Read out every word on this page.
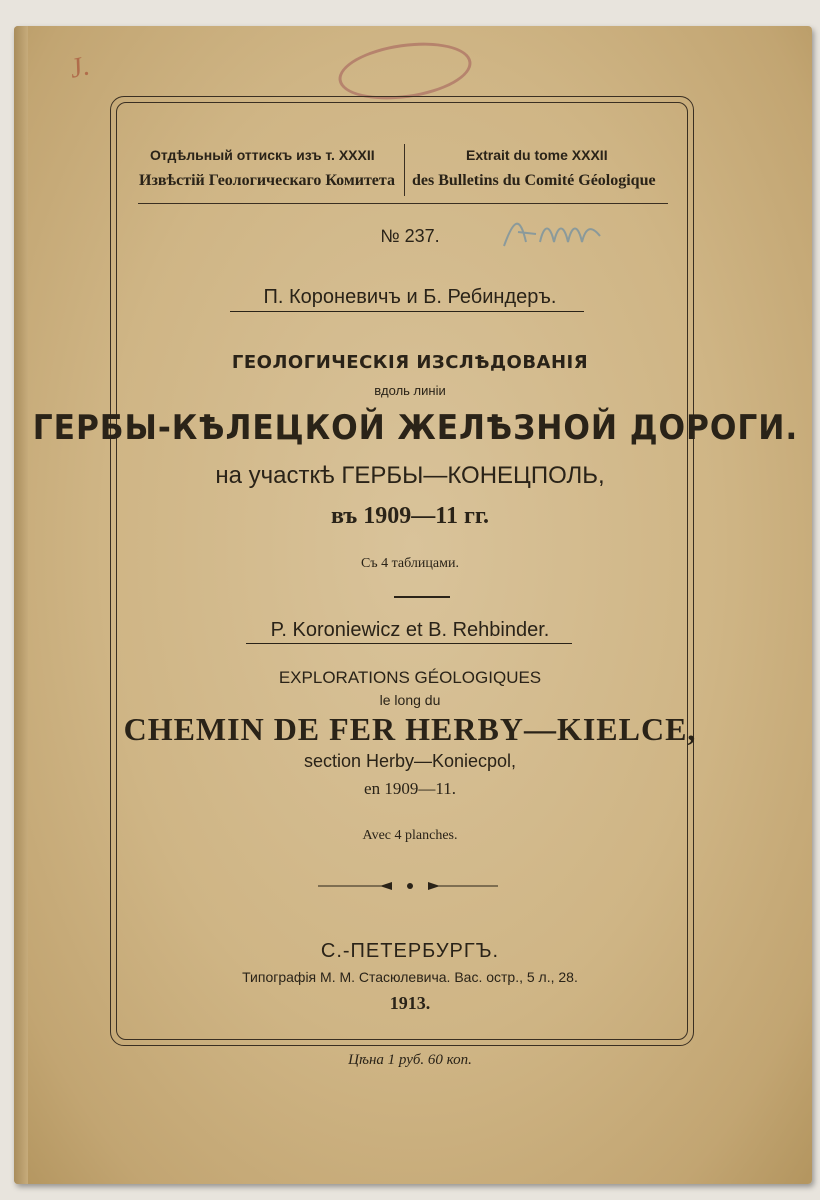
J.
Отдѣльный оттискъ изъ т. XXXII
Извѣстій Геологическаго Комитета
Extrait du tome XXXII
des Bulletins du Comité Géologique
№ 237.
П. Короневичъ и Б. Ребиндеръ.
ГЕОЛОГИЧЕСКІЯ ИЗСЛѢДОВАНІЯ
вдоль линіи
ГЕРБЫ-КѢЛЕЦКОЙ ЖЕЛѢЗНОЙ ДОРОГИ.
на участкѣ ГЕРБЫ—КОНЕЦПОЛЬ,
въ 1909—11 гг.
Съ 4 таблицами.
P. Koroniewicz et B. Rehbinder.
EXPLORATIONS GÉOLOGIQUES
le long du
CHEMIN DE FER HERBY—KIELCE,
section Herby—Koniecpol,
en 1909—11.
Avec 4 planches.
С.-ПЕТЕРБУРГЪ.
Типографія М. М. Стасюлевича. Вас. остр., 5 л., 28.
1913.
Цѣна 1 руб. 60 коп.
